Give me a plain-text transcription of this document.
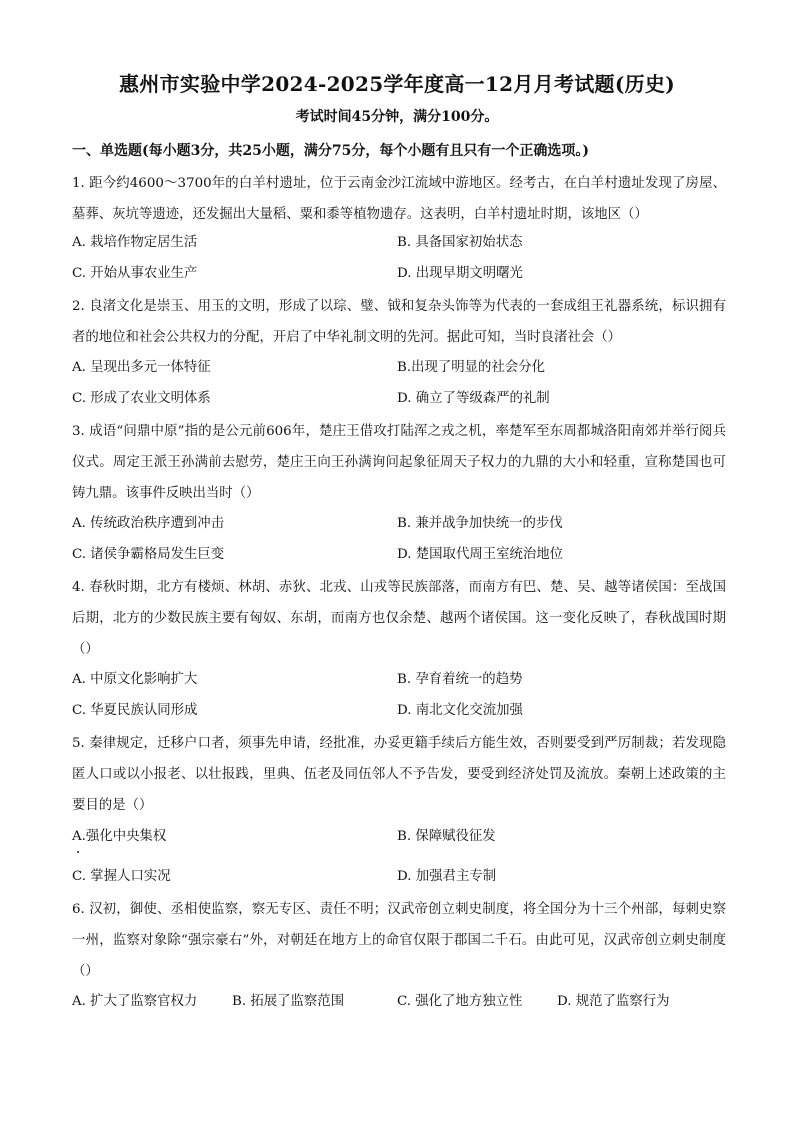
惠州市实验中学2024-2025学年度高一12月月考试题(历史)
考试时间45分钟，满分100分。
一、单选题(每小题3分，共25小题，满分75分，每个小题有且只有一个正确选项。)
1. 距今约4600～3700年的白羊村遗址，位于云南金沙江流域中游地区。经考古，在白羊村遗址发现了房屋、墓葬、灰坑等遗迹，还发掘出大量稻、粟和黍等植物遗存。这表明，白羊村遗址时期，该地区（）
A. 栽培作物定居生活	B. 具备国家初始状态
C. 开始从事农业生产	D. 出现早期文明曙光
2. 良渚文化是崇玉、用玉的文明，形成了以琮、璧、钺和复杂头饰等为代表的一套成组王礼器系统，标识拥有者的地位和社会公共权力的分配，开启了中华礼制文明的先河。据此可知，当时良渚社会（）
A. 呈现出多元一体特征	B.出现了明显的社会分化
C. 形成了农业文明体系	D. 确立了等级森严的礼制
3. 成语“问鼎中原”指的是公元前606年，楚庄王借攻打陆浑之戎之机，率楚军至东周都城洛阳南郊并举行阅兵仪式。周定王派王孙满前去慰劳，楚庄王向王孙满询问起象征周天子权力的九鼎的大小和轻重，宣称楚国也可铸九鼎。该事件反映出当时（）
A. 传统政治秩序遭到冲击	B. 兼并战争加快统一的步伐
C. 诸侯争霸格局发生巨变	D. 楚国取代周王室统治地位
4. 春秋时期，北方有楼烦、林胡、赤狄、北戎、山戎等民族部落，而南方有巴、楚、吴、越等诸侯国：至战国后期，北方的少数民族主要有匈奴、东胡，而南方也仅余楚、越两个诸侯国。这一变化反映了，春秋战国时期（）
A. 中原文化影响扩大	B. 孕育着统一的趋势
C. 华夏民族认同形成	D. 南北文化交流加强
5. 秦律规定，迁移户口者，须事先申请，经批准，办妥更籍手续后方能生效，否则要受到严厉制裁；若发现隐匿人口或以小报老、以壮报践，里典、伍老及同伍邻人不予告发，要受到经济处罚及流放。秦朝上述政策的主要目的是（）
A.强化中央集权	B. 保障赋役征发
C. 掌握人口实况	D. 加强君主专制
6. 汉初，御使、丞相使监察，察无专区、责任不明；汉武帝创立刺史制度，将全国分为十三个州部，每刺史察一州，监察对象除“强宗豪右”外，对朝廷在地方上的命官仅限于郡国二千石。由此可见，汉武帝创立刺史制度（）
A. 扩大了监察官权力	B. 拓展了监察范围	C. 强化了地方独立性	D. 规范了监察行为
